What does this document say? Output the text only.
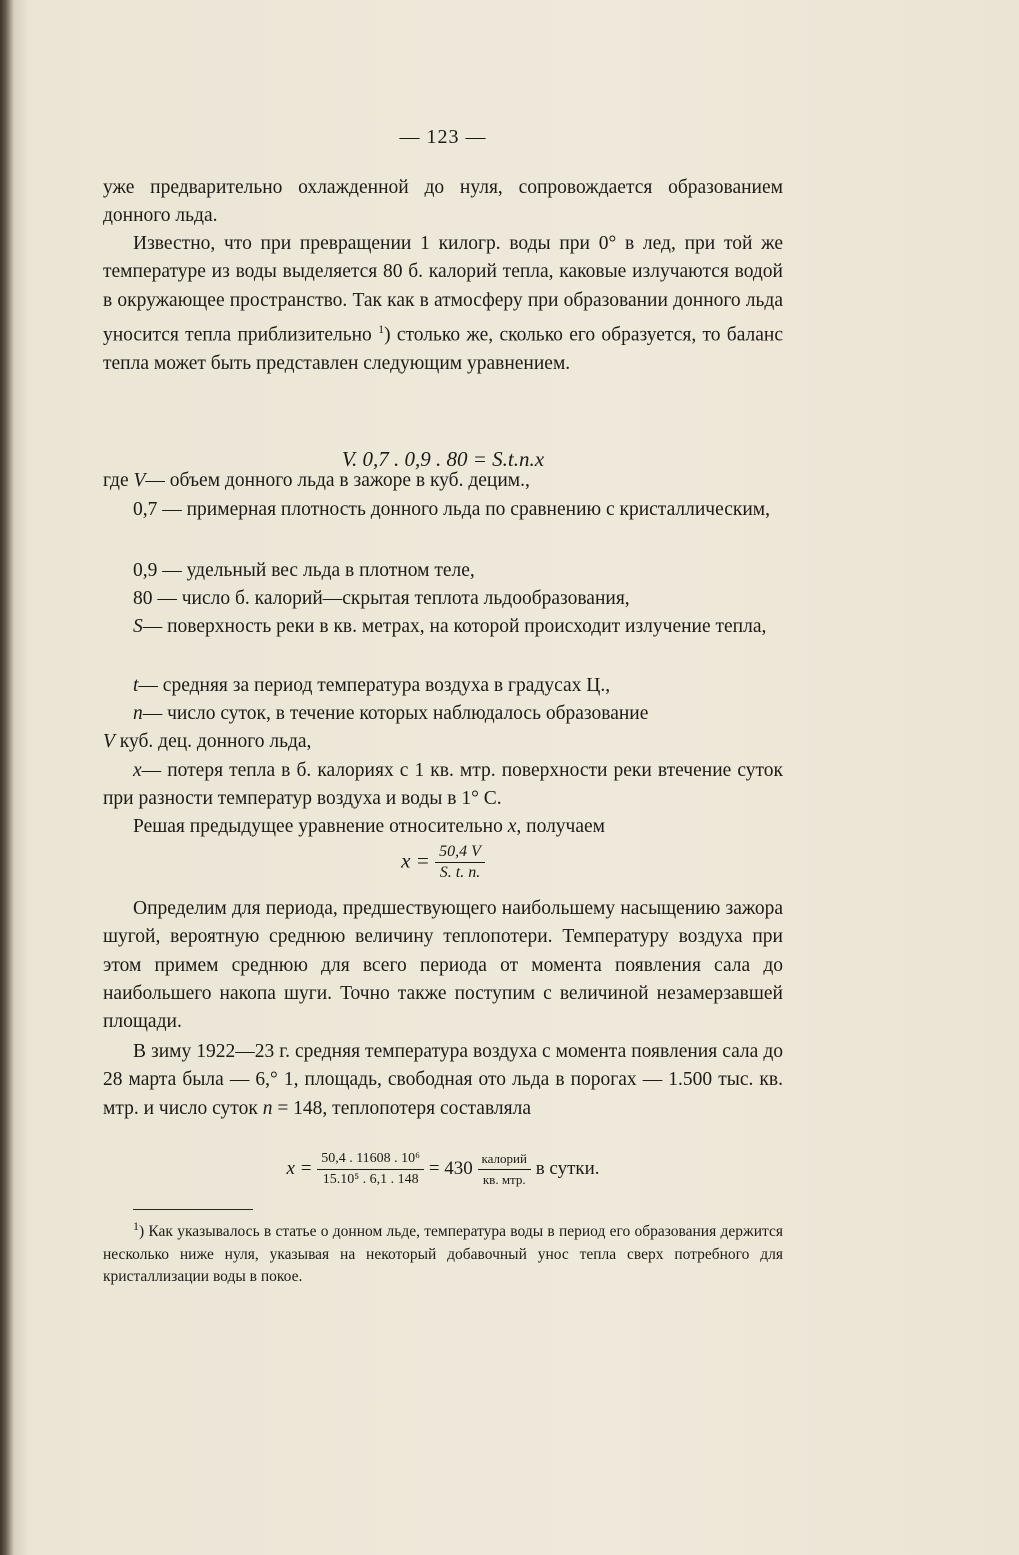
— 123 —
уже предварительно охлажденной до нуля, сопровождается образованием донного льда.
Известно, что при превращении 1 килогр. воды при 0° в лед, при той же температуре из воды выделяется 80 б. калорий тепла, каковые излучаются водой в окружающее пространство. Так как в атмосферу при образовании донного льда уносится тепла приблизительно $^1$) столько же, сколько его образуется, то баланс тепла может быть представлен следующим уравнением.
V. 0,7 . 0,9 . 80 = S.t.n.x
где V— объем донного льда в зажоре в куб. децим.,
0,7 — примерная плотность донного льда по сравнению с кристаллическим,
0,9 — удельный вес льда в плотном теле,
80 — число б. калорий—скрытая теплота льдообразования,
S— поверхность реки в кв. метрах, на которой происходит излучение тепла,
t— средняя за период температура воздуха в градусах Ц.,
n— число суток, в течение которых наблюдалось образование
V куб. дец. донного льда,
x— потеря тепла в б. калориях с 1 кв. мтр. поверхности реки втечение суток при разности температур воздуха и воды в 1° С.
Решая предыдущее уравнение относительно x, получаем
$x = \frac{50,4 V}{S. t. n.}$
Определим для периода, предшествующего наибольшему насыщению зажора шугой, вероятную среднюю величину теплопотери. Температуру воздуха при этом примем среднюю для всего периода от момента появления сала до наибольшего накопа шуги. Точно также поступим с величиной незамерзавшей площади.
В зиму 1922—23 г. средняя температура воздуха с момента появления сала до 28 марта была — 6,° 1, площадь, свободная ото льда в порогах — 1.500 тыс. кв. мтр. и число суток n = 148, теплопотеря составляла
$x = \frac{\text{50,4 . 11608 . 10⁶}}{\text{15.10⁵ . 6,1 . 148}} = 430 \frac{\text{калорий}}{\text{кв. мтр.}}$ в сутки.
$^1$) Как указывалось в статье о донном льде, температура воды в период его образования держится несколько ниже нуля, указывая на некоторый добавочный унос тепла сверх потребного для кристаллизации воды в покое.
